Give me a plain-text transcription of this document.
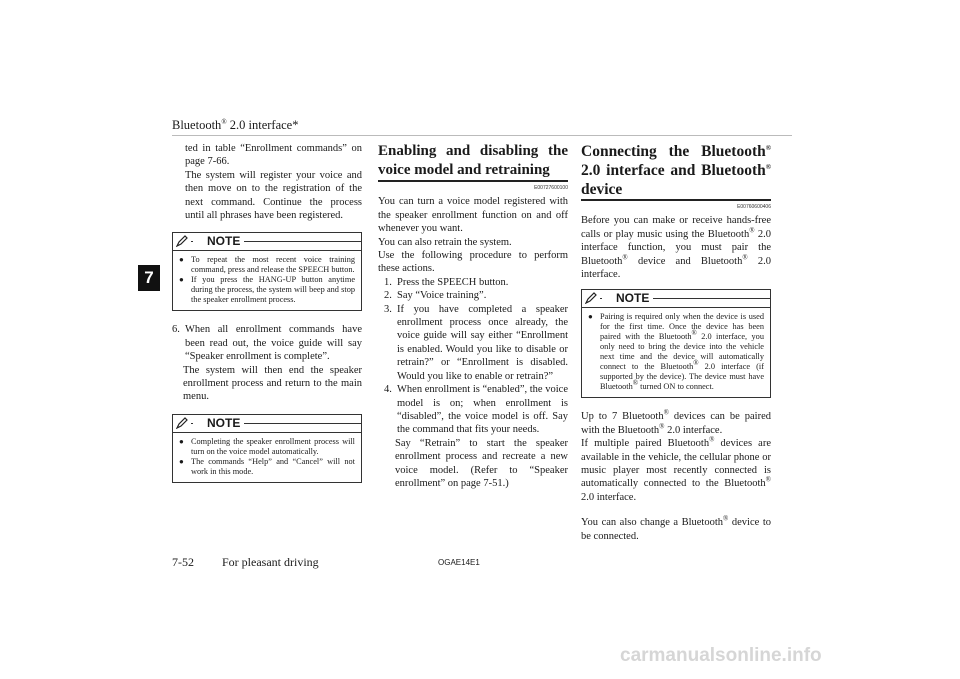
Bluetooth® 2.0 interface*
7

ted in table “Enrollment commands” on page 7-66.

The system will register your voice and then move on to the registration of the next command. Continue the process until all phrases have been registered.

NOTE

● To repeat the most recent voice training command, press and release the SPEECH button.

● If you press the HANG-UP button anytime during the process, the system will beep and stop the speaker enrollment process.

6. When all enrollment commands have been read out, the voice guide will say “Speaker enrollment is complete”.

The system will then end the speaker enrollment process and return to the main menu.

NOTE

● Completing the speaker enrollment process will turn on the voice model automatically.

● The commands “Help” and “Cancel” will not work in this mode.

Enabling and disabling the voice model and retraining
E00727600100

You can turn a voice model registered with the speaker enrollment function on and off whenever you want.

You can also retrain the system.

Use the following procedure to perform these actions.

1. Press the SPEECH button.

2. Say “Voice training”.

3. If you have completed a speaker enrollment process once already, the voice guide will say either “Enrollment is enabled. Would you like to disable or retrain?” or “Enrollment is disabled. Would you like to enable or retrain?”

4. When enrollment is “enabled”, the voice model is on; when enrollment is “disabled”, the voice model is off. Say the command that fits your needs.

Say “Retrain” to start the speaker enrollment process and recreate a new voice model. (Refer to “Speaker enrollment” on page 7-51.)

Connecting the Bluetooth® 2.0 interface and Bluetooth® device
E00760600406

Before you can make or receive hands-free calls or play music using the Bluetooth® 2.0 interface function, you must pair the Bluetooth® device and Bluetooth® 2.0 interface.

NOTE

● Pairing is required only when the device is used for the first time. Once the device has been paired with the Bluetooth® 2.0 interface, you only need to bring the device into the vehicle next time and the device will automatically connect to the Bluetooth® 2.0 interface (if supported by the device). The device must have Bluetooth® turned ON to connect.

Up to 7 Bluetooth® devices can be paired with the Bluetooth® 2.0 interface.

If multiple paired Bluetooth® devices are available in the vehicle, the cellular phone or music player most recently connected is automatically connected to the Bluetooth® 2.0 interface.

You can also change a Bluetooth® device to be connected.

7-52 For pleasant driving	OGAE14E1
carmanualsonline.info
